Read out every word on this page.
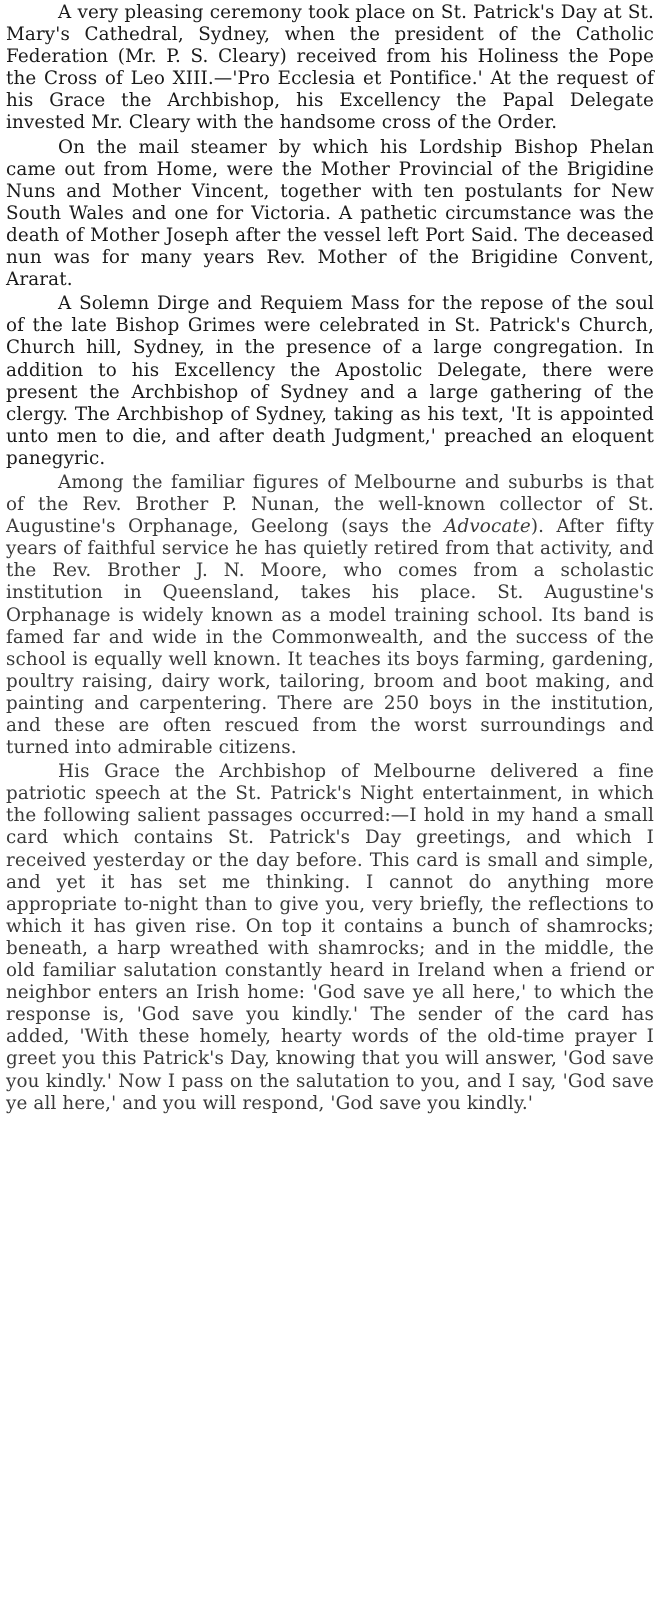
A very pleasing ceremony took place on St. Patrick's Day at St. Mary's Cathedral, Sydney, when the president of the Catholic Federation (Mr. P. S. Cleary) received from his Holiness the Pope the Cross of Leo XIII.—'Pro Ecclesia et Pontifice.' At the request of his Grace the Archbishop, his Excellency the Papal Delegate invested Mr. Cleary with the handsome cross of the Order.

On the mail steamer by which his Lordship Bishop Phelan came out from Home, were the Mother Provincial of the Brigidine Nuns and Mother Vincent, together with ten postulants for New South Wales and one for Victoria. A pathetic circumstance was the death of Mother Joseph after the vessel left Port Said. The deceased nun was for many years Rev. Mother of the Brigidine Convent, Ararat.

A Solemn Dirge and Requiem Mass for the repose of the soul of the late Bishop Grimes were celebrated in St. Patrick's Church, Church hill, Sydney, in the presence of a large congregation. In addition to his Excellency the Apostolic Delegate, there were present the Archbishop of Sydney and a large gathering of the clergy. The Archbishop of Sydney, taking as his text, 'It is appointed unto men to die, and after death Judgment,' preached an eloquent panegyric.

Among the familiar figures of Melbourne and suburbs is that of the Rev. Brother P. Nunan, the well-known collector of St. Augustine's Orphanage, Geelong (says the Advocate). After fifty years of faithful service he has quietly retired from that activity, and the Rev. Brother J. N. Moore, who comes from a scholastic institution in Queensland, takes his place. St. Augustine's Orphanage is widely known as a model training school. Its band is famed far and wide in the Commonwealth, and the success of the school is equally well known. It teaches its boys farming, gardening, poultry raising, dairy work, tailoring, broom and boot making, and painting and carpentering. There are 250 boys in the institution, and these are often rescued from the worst surroundings and turned into admirable citizens.

His Grace the Archbishop of Melbourne delivered a fine patriotic speech at the St. Patrick's Night entertainment, in which the following salient passages occurred:—I hold in my hand a small card which contains St. Patrick's Day greetings, and which I received yesterday or the day before. This card is small and simple, and yet it has set me thinking. I cannot do anything more appropriate to-night than to give you, very briefly, the reflections to which it has given rise. On top it contains a bunch of shamrocks; beneath, a harp wreathed with shamrocks; and in the middle, the old familiar salutation constantly heard in Ireland when a friend or neighbor enters an Irish home: 'God save ye all here,' to which the response is, 'God save you kindly.' The sender of the card has added, 'With these homely, hearty words of the old-time prayer I greet you this Patrick's Day, knowing that you will answer, 'God save you kindly.' Now I pass on the salutation to you, and I say, 'God save ye all here,' and you will respond, 'God save you kindly.'
